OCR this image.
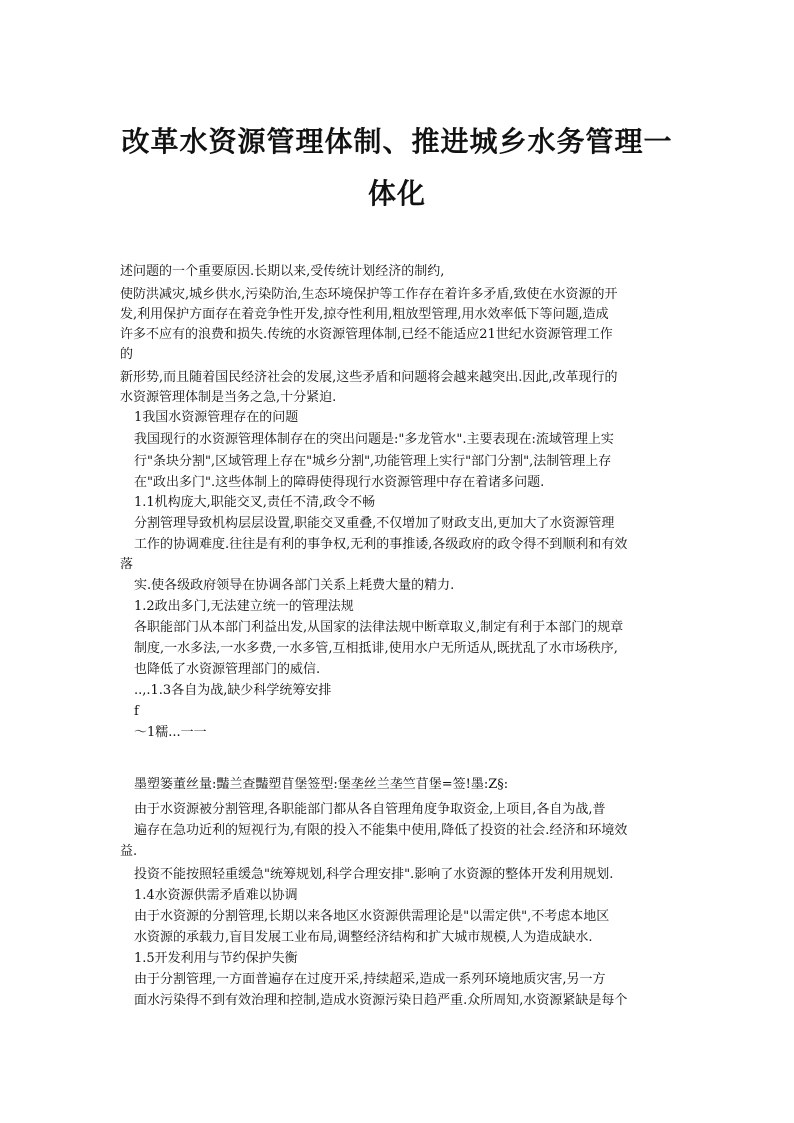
改革水资源管理体制、推进城乡水务管理一
体化

述问题的一个重要原因.长期以来,受传统计划经济的制约,

使防洪减灾,城乡供水,污染防治,生态环境保护等工作存在着许多矛盾,致使在水资源的开

发,利用保护方面存在着竞争性开发,掠夺性利用,粗放型管理,用水效率低下等问题,造成

许多不应有的浪费和损失.传统的水资源管理体制,已经不能适应21世纪水资源管理工作

的

新形势,而且随着国民经济社会的发展,这些矛盾和问题将会越来越突出.因此,改革现行的

水资源管理体制是当务之急,十分紧迫.

1我国水资源管理存在的问题

我国现行的水资源管理体制存在的突出问题是:"多龙管水".主要表现在:流域管理上实

行"条块分割",区域管理上存在"城乡分割",功能管理上实行"部门分割",法制管理上存

在"政出多门".这些体制上的障碍使得现行水资源管理中存在着诸多问题.

1.1机构庞大,职能交叉,责任不清,政令不畅

分割管理导致机构层层设置,职能交叉重叠,不仅增加了财政支出,更加大了水资源管理

工作的协调难度.往往是有利的事争权,无利的事推诿,各级政府的政令得不到顺利和有效

落

实.使各级政府领导在协调各部门关系上耗费大量的精力.

1.2政出多门,无法建立统一的管理法规

各职能部门从本部门利益出发,从国家的法律法规中断章取义,制定有利于本部门的规章

制度,一水多法,一水多费,一水多管,互相抵诽,使用水户无所适从,既扰乱了水市场秩序,

也降低了水资源管理部门的威信.

..,.1.3各自为战,缺少科学统筹安排

f

～1糯...一一

墨塑篓董丝量:豔兰查豔塑苜堡签型:堡垄丝兰垄竺苜堡=签!墨:Z§:

由于水资源被分割管理,各职能部门都从各自管理角度争取资金,上项目,各自为战,普

遍存在急功近利的短视行为,有限的投入不能集中使用,降低了投资的社会.经济和环境效

益.

投资不能按照轻重缓急"统筹规划,科学合理安排".影响了水资源的整体开发利用规划.

1.4水资源供需矛盾难以协调

由于水资源的分割管理,长期以来各地区水资源供需理论是"以需定供",不考虑本地区

水资源的承载力,盲目发展工业布局,调整经济结构和扩大城市规模,人为造成缺水.

1.5开发利用与节约保护失衡

由于分割管理,一方面普遍存在过度开采,持续超采,造成一系列环境地质灾害,另一方

面水污染得不到有效治理和控制,造成水资源污染日趋严重.众所周知,水资源紧缺是每个
